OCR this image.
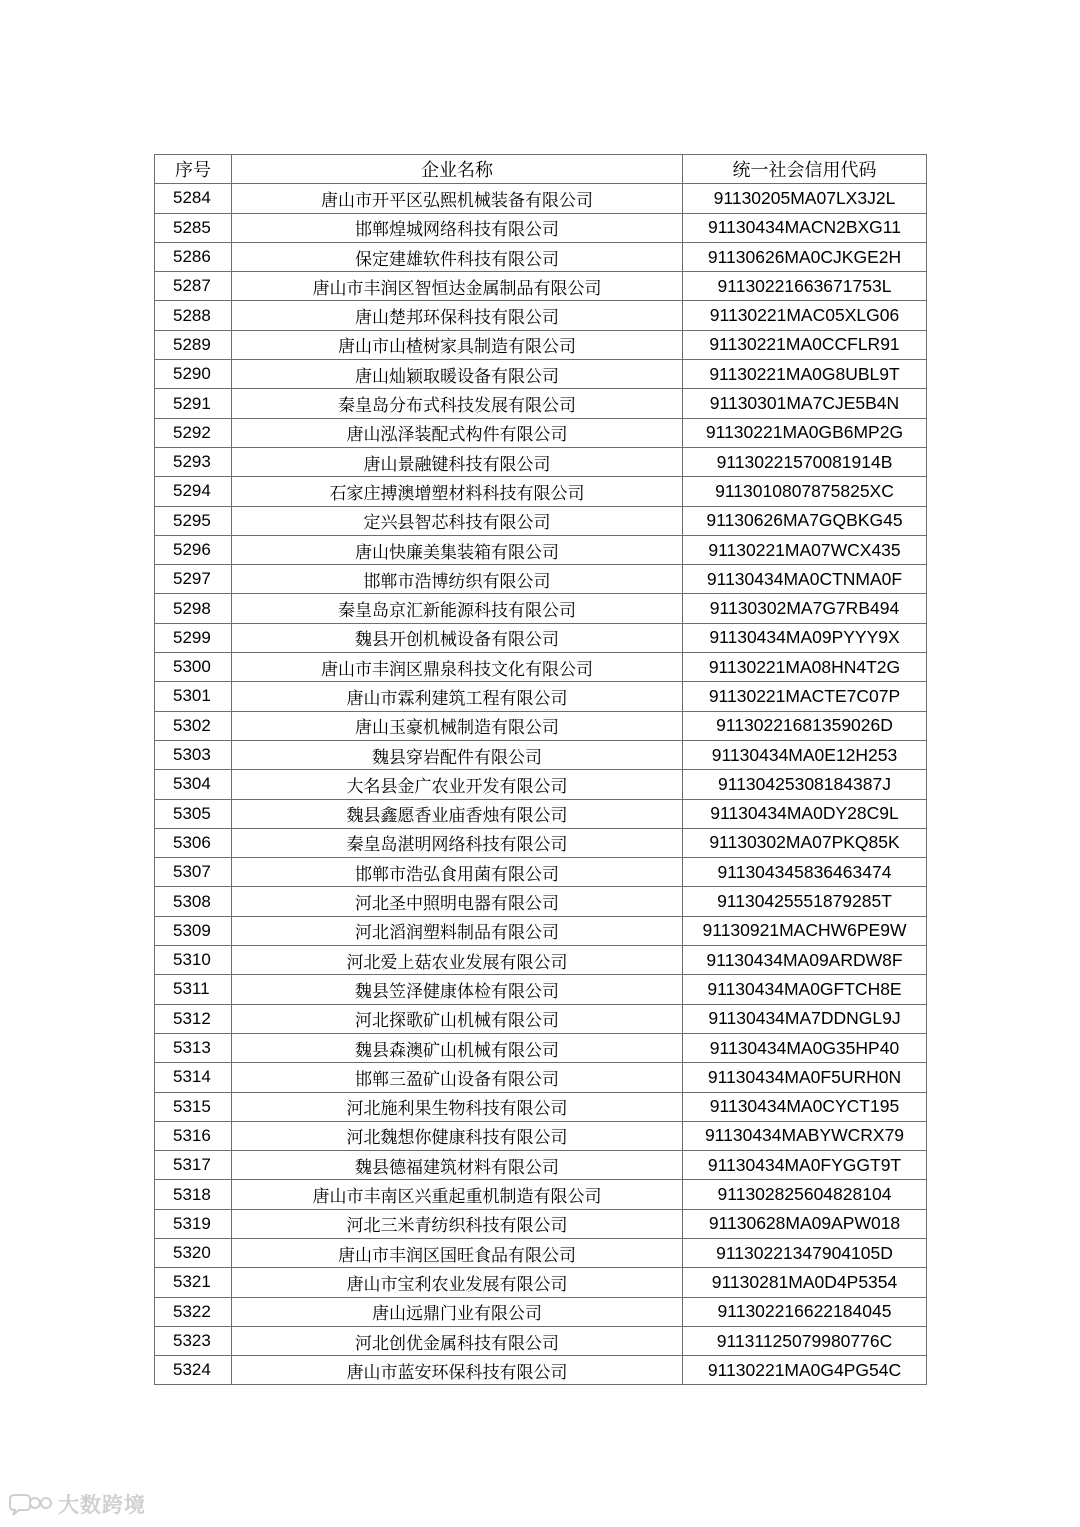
序号	企业名称	统一社会信用代码
5284	唐山市开平区弘熙机械装备有限公司	91130205MA07LX3J2L
5285	邯郸煌城网络科技有限公司	91130434MACN2BXG11
5286	保定建雄软件科技有限公司	91130626MA0CJKGE2H
5287	唐山市丰润区智恒达金属制品有限公司	91130221663671753L
5288	唐山楚邦环保科技有限公司	91130221MAC05XLG06
5289	唐山市山楂树家具制造有限公司	91130221MA0CCFLR91
5290	唐山灿颖取暖设备有限公司	91130221MA0G8UBL9T
5291	秦皇岛分布式科技发展有限公司	91130301MA7CJE5B4N
5292	唐山泓泽装配式构件有限公司	91130221MA0GB6MP2G
5293	唐山景融键科技有限公司	91130221570081914B
5294	石家庄搏澳增塑材料科技有限公司	9113010807875825XC
5295	定兴县智芯科技有限公司	91130626MA7GQBKG45
5296	唐山快廉美集装箱有限公司	91130221MA07WCX435
5297	邯郸市浩博纺织有限公司	91130434MA0CTNMA0F
5298	秦皇岛京汇新能源科技有限公司	91130302MA7G7RB494
5299	魏县开创机械设备有限公司	91130434MA09PYYY9X
5300	唐山市丰润区鼎泉科技文化有限公司	91130221MA08HN4T2G
5301	唐山市霖利建筑工程有限公司	91130221MACTE7C07P
5302	唐山玉豪机械制造有限公司	91130221681359026D
5303	魏县穿岩配件有限公司	91130434MA0E12H253
5304	大名县金广农业开发有限公司	91130425308184387J
5305	魏县鑫愿香业庙香烛有限公司	91130434MA0DY28C9L
5306	秦皇岛湛明网络科技有限公司	91130302MA07PKQ85K
5307	邯郸市浩弘食用菌有限公司	911304345836463474
5308	河北圣中照明电器有限公司	91130425551879285T
5309	河北滔润塑料制品有限公司	91130921MACHW6PE9W
5310	河北爱上菇农业发展有限公司	91130434MA09ARDW8F
5311	魏县笠泽健康体检有限公司	91130434MA0GFTCH8E
5312	河北探歌矿山机械有限公司	91130434MA7DDNGL9J
5313	魏县森澳矿山机械有限公司	91130434MA0G35HP40
5314	邯郸三盈矿山设备有限公司	91130434MA0F5URH0N
5315	河北施利果生物科技有限公司	91130434MA0CYCT195
5316	河北魏想你健康科技有限公司	91130434MABYWCRX79
5317	魏县德福建筑材料有限公司	91130434MA0FYGGT9T
5318	唐山市丰南区兴重起重机制造有限公司	911302825604828104
5319	河北三米青纺织科技有限公司	91130628MA09APW018
5320	唐山市丰润区国旺食品有限公司	91130221347904105D
5321	唐山市宝利农业发展有限公司	91130281MA0D4P5354
5322	唐山远鼎门业有限公司	911302216622184045
5323	河北创优金属科技有限公司	91131125079980776C
5324	唐山市蓝安环保科技有限公司	91130221MA0G4PG54C
大数跨境
